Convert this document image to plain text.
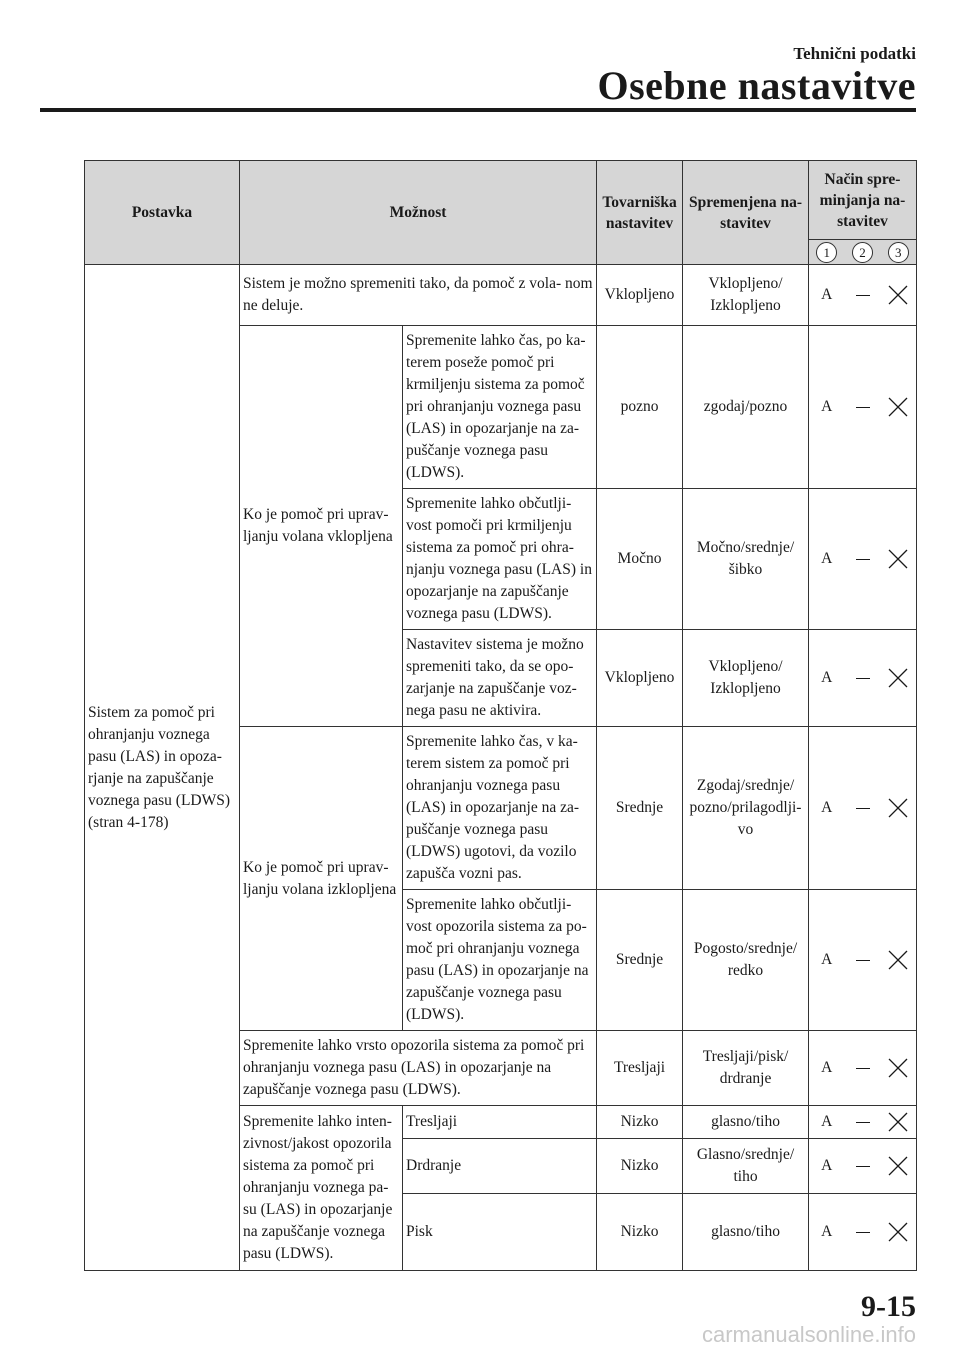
Tehnični podatki
Osebne nastavitve
Postavka	Možnost		Tovarniška nastavitev	Spremenjena na- stavitev	Način spre- minjanja na- stavitev		
					1	2	3
Sistem za pomoč pri ohranjanju voznega pasu (LAS) in opoza- rjanje na zapuščanje voznega pasu (LDWS) (stran 4-178)	Sistem je možno spremeniti tako, da pomoč z vola- nom ne deluje.		Vklopljeno	Vklopljeno/ Izklopljeno	A		
	Ko je pomoč pri uprav- ljanju volana vklopljena	Spremenite lahko čas, po ka- terem poseže pomoč pri krmiljenju sistema za pomoč pri ohranjanju voznega pasu (LAS) in opozarjanje na za- puščanje voznega pasu (LDWS).	pozno	zgodaj/pozno	A		
		Spremenite lahko občutlji- vost pomoči pri krmiljenju sistema za pomoč pri ohra- njanju voznega pasu (LAS) in opozarjanje na zapuščanje voznega pasu (LDWS).	Močno	Močno/srednje/ šibko	A		
		Nastavitev sistema je možno spremeniti tako, da se opo- zarjanje na zapuščanje voz- nega pasu ne aktivira.	Vklopljeno	Vklopljeno/ Izklopljeno	A		
	Ko je pomoč pri uprav- ljanju volana izklopljena	Spremenite lahko čas, v ka- terem sistem za pomoč pri ohranjanju voznega pasu (LAS) in opozarjanje na za- puščanje voznega pasu (LDWS) ugotovi, da vozilo zapušča vozni pas.	Srednje	Zgodaj/srednje/ pozno/prilagodlji- vo	A		
		Spremenite lahko občutlji- vost opozorila sistema za po- moč pri ohranjanju voznega pasu (LAS) in opozarjanje na zapuščanje voznega pasu (LDWS).	Srednje	Pogosto/srednje/ redko	A		
	Spremenite lahko vrsto opozorila sistema za pomoč pri ohranjanju voznega pasu (LAS) in opozarjanje na zapuščanje voznega pasu (LDWS).		Tresljaji	Tresljaji/pisk/ drdranje	A		
	Spremenite lahko inten- zivnost/jakost opozorila sistema za pomoč pri ohranjanju voznega pa- su (LAS) in opozarjanje na zapuščanje voznega pasu (LDWS).	Tresljaji	Nizko	glasno/tiho	A		
		Drdranje	Nizko	Glasno/srednje/ tiho	A		
		Pisk	Nizko	glasno/tiho	A		
9-15
carmanualsonline.info
